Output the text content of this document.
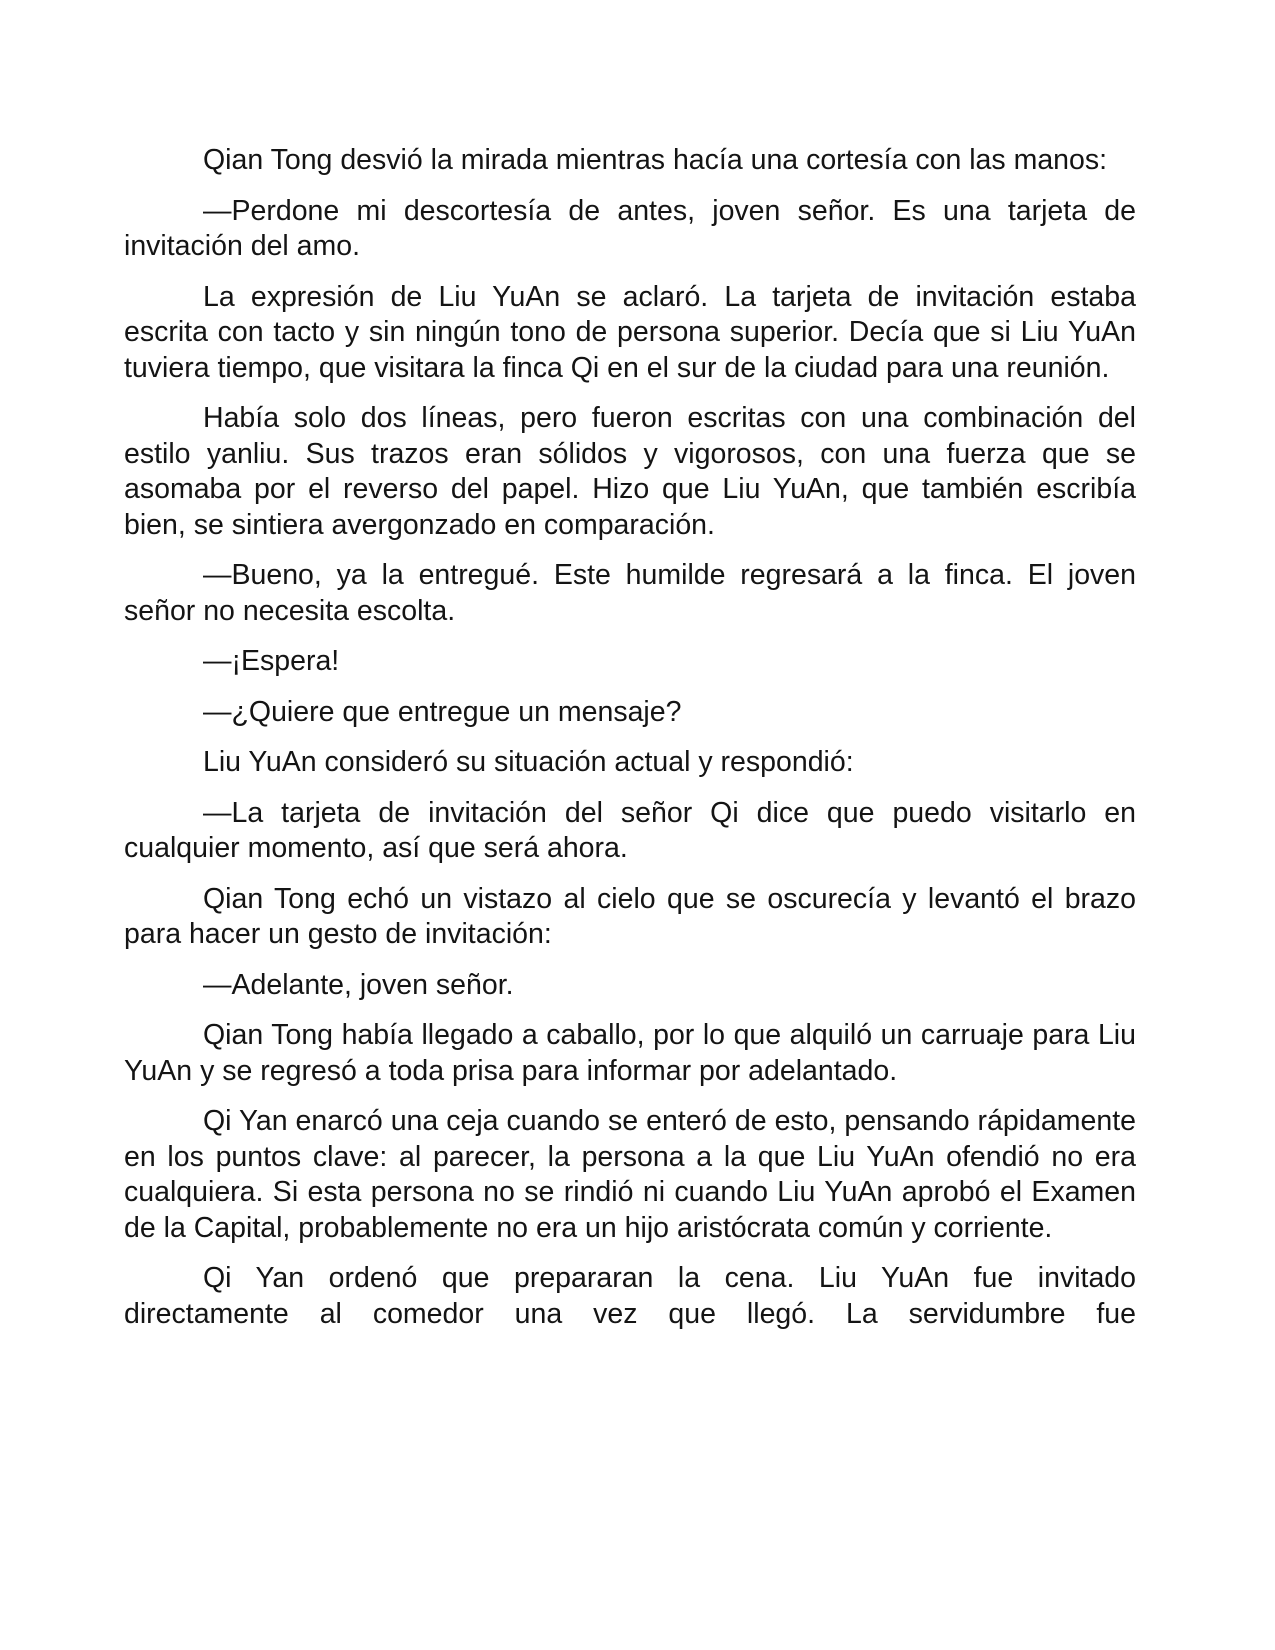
Qian Tong desvió la mirada mientras hacía una cortesía con las manos:

—Perdone mi descortesía de antes, joven señor. Es una tarjeta de invitación del amo.

La expresión de Liu YuAn se aclaró. La tarjeta de invitación estaba escrita con tacto y sin ningún tono de persona superior. Decía que si Liu YuAn tuviera tiempo, que visitara la finca Qi en el sur de la ciudad para una reunión.

Había solo dos líneas, pero fueron escritas con una combinación del estilo yanliu. Sus trazos eran sólidos y vigorosos, con una fuerza que se asomaba por el reverso del papel. Hizo que Liu YuAn, que también escribía bien, se sintiera avergonzado en comparación.

—Bueno, ya la entregué. Este humilde regresará a la finca. El joven señor no necesita escolta.

—¡Espera!

—¿Quiere que entregue un mensaje?

Liu YuAn consideró su situación actual y respondió:

—La tarjeta de invitación del señor Qi dice que puedo visitarlo en cualquier momento, así que será ahora.

Qian Tong echó un vistazo al cielo que se oscurecía y levantó el brazo para hacer un gesto de invitación:

—Adelante, joven señor.

Qian Tong había llegado a caballo, por lo que alquiló un carruaje para Liu YuAn y se regresó a toda prisa para informar por adelantado.

Qi Yan enarcó una ceja cuando se enteró de esto, pensando rápidamente en los puntos clave: al parecer, la persona a la que Liu YuAn ofendió no era cualquiera. Si esta persona no se rindió ni cuando Liu YuAn aprobó el Examen de la Capital, probablemente no era un hijo aristócrata común y corriente.

Qi Yan ordenó que prepararan la cena. Liu YuAn fue invitado directamente al comedor una vez que llegó. La servidumbre fue
